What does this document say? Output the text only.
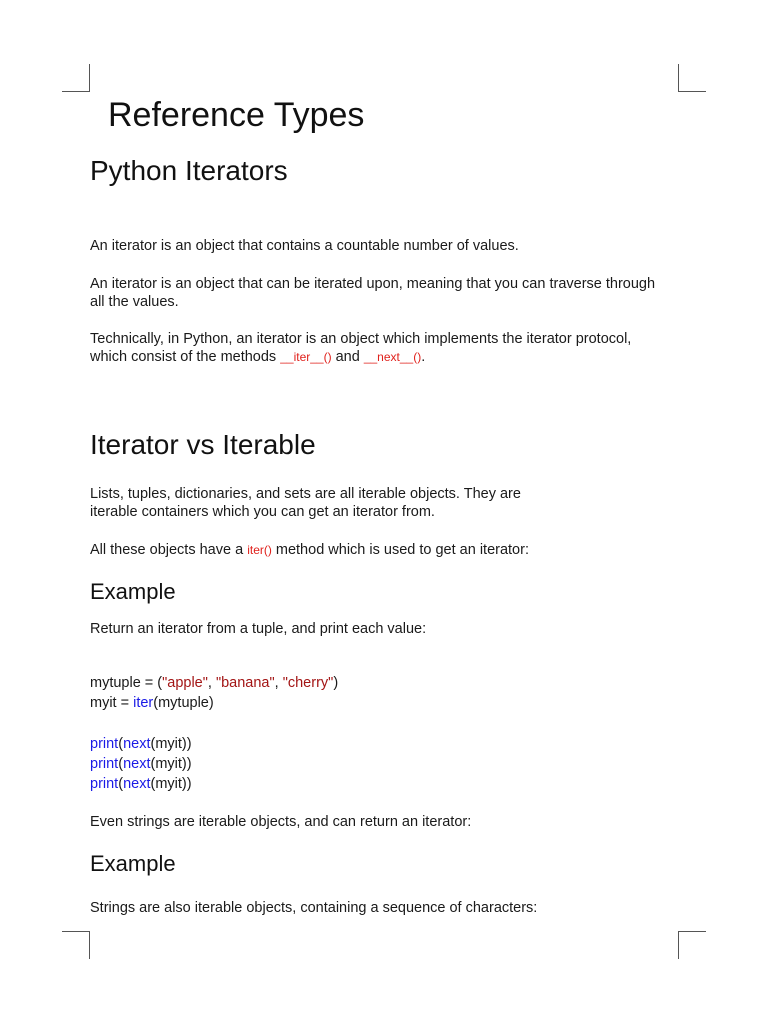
Reference Types
Python Iterators

An iterator is an object that contains a countable number of values.

An iterator is an object that can be iterated upon, meaning that you can traverse through

all the values.

Technically, in Python, an iterator is an object which implements the iterator protocol,

which consist of the methods __iter__() and __next__().

Iterator vs Iterable

Lists, tuples, dictionaries, and sets are all iterable objects. They are

iterable containers which you can get an iterator from.

All these objects have a iter() method which is used to get an iterator:

Example

Return an iterator from a tuple, and print each value:

mytuple = ("apple", "banana", "cherry")
myit = iter(mytuple)
print(next(myit))
print(next(myit))
print(next(myit))

Even strings are iterable objects, and can return an iterator:

Example

Strings are also iterable objects, containing a sequence of characters:
